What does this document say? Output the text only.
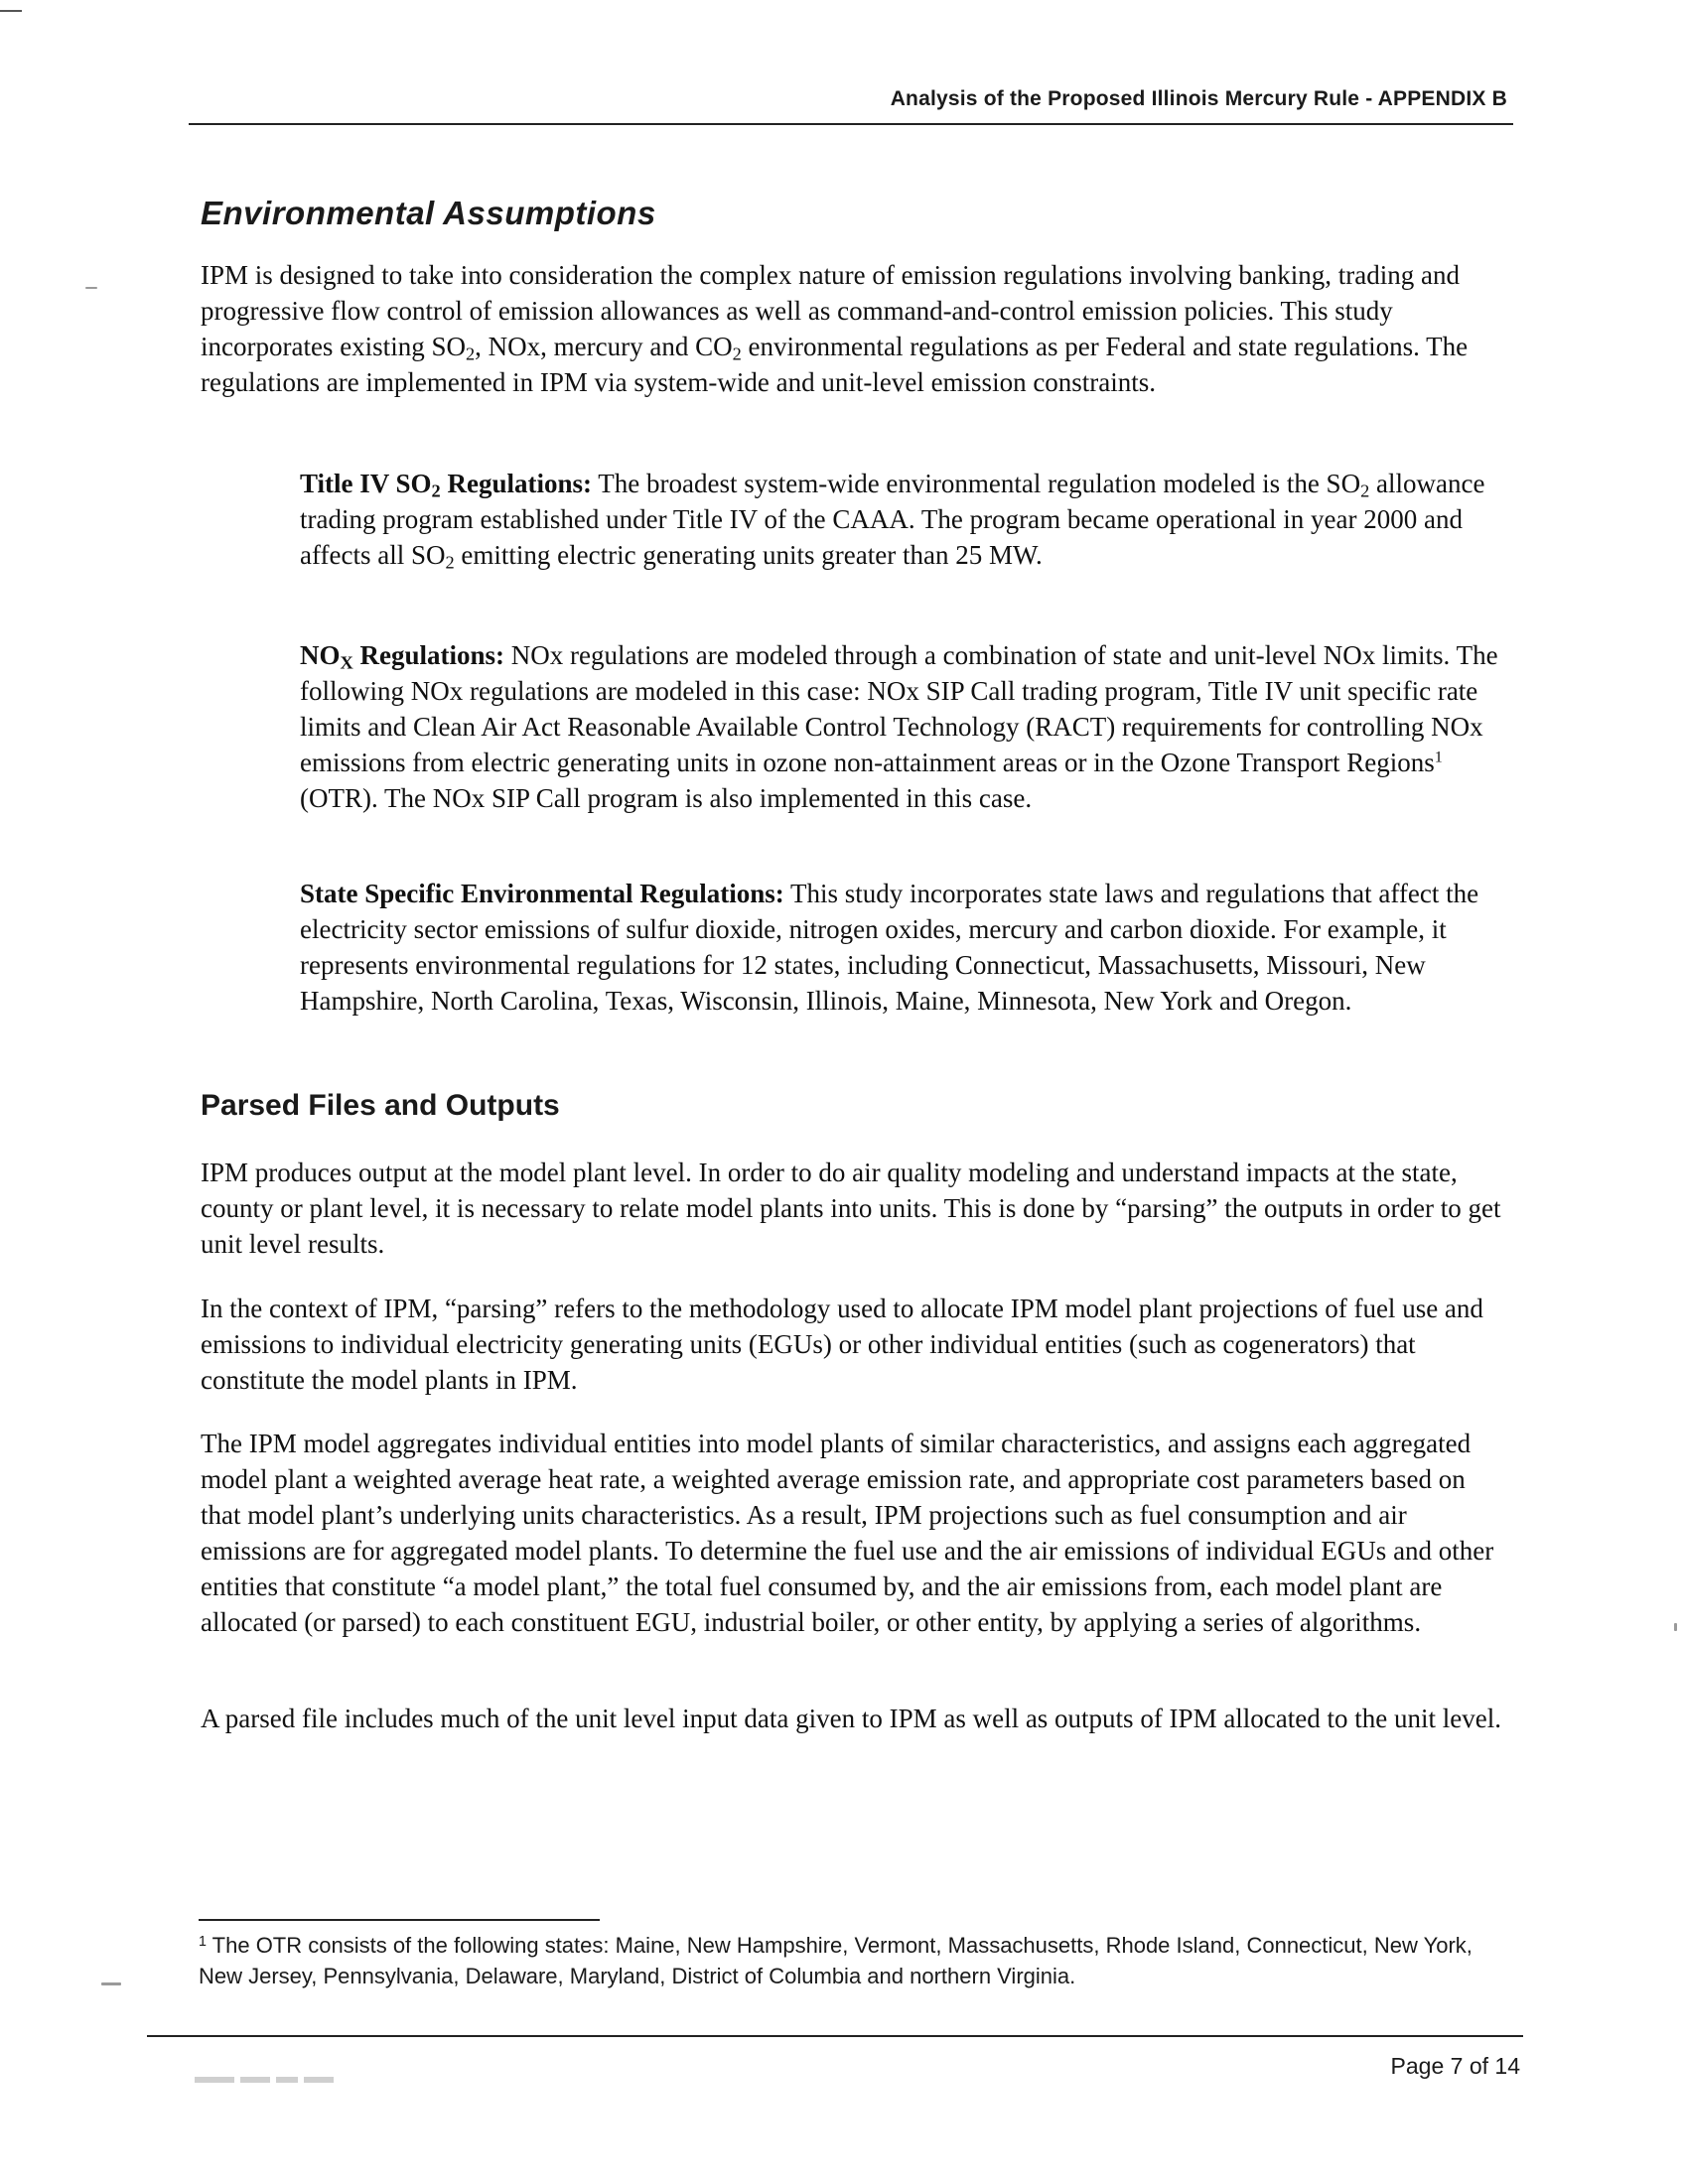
Analysis of the Proposed Illinois Mercury Rule - APPENDIX B
Environmental Assumptions

IPM is designed to take into consideration the complex nature of emission regulations involving banking, trading and progressive flow control of emission allowances as well as command-and-control emission policies. This study incorporates existing $SO_2$, NOx, mercury and $CO_2$ environmental regulations as per Federal and state regulations. The regulations are implemented in IPM via system-wide and unit-level emission constraints.

Title IV $SO_2$ Regulations: The broadest system-wide environmental regulation modeled is the $SO_2$ allowance trading program established under Title IV of the CAAA. The program became operational in year 2000 and affects all $SO_2$ emitting electric generating units greater than 25 MW.

$NO_X$ Regulations: NOx regulations are modeled through a combination of state and unit-level NOx limits. The following NOx regulations are modeled in this case: NOx SIP Call trading program, Title IV unit specific rate limits and Clean Air Act Reasonable Available Control Technology (RACT) requirements for controlling NOx emissions from electric generating units in ozone non-attainment areas or in the Ozone Transport Regions$^1$ (OTR). The NOx SIP Call program is also implemented in this case.

State Specific Environmental Regulations: This study incorporates state laws and regulations that affect the electricity sector emissions of sulfur dioxide, nitrogen oxides, mercury and carbon dioxide. For example, it represents environmental regulations for 12 states, including Connecticut, Massachusetts, Missouri, New Hampshire, North Carolina, Texas, Wisconsin, Illinois, Maine, Minnesota, New York and Oregon.

Parsed Files and Outputs

IPM produces output at the model plant level. In order to do air quality modeling and understand impacts at the state, county or plant level, it is necessary to relate model plants into units. This is done by “parsing” the outputs in order to get unit level results.

In the context of IPM, “parsing” refers to the methodology used to allocate IPM model plant projections of fuel use and emissions to individual electricity generating units (EGUs) or other individual entities (such as cogenerators) that constitute the model plants in IPM.

The IPM model aggregates individual entities into model plants of similar characteristics, and assigns each aggregated model plant a weighted average heat rate, a weighted average emission rate, and appropriate cost parameters based on that model plant’s underlying units characteristics. As a result, IPM projections such as fuel consumption and air emissions are for aggregated model plants. To determine the fuel use and the air emissions of individual EGUs and other entities that constitute “a model plant,” the total fuel consumed by, and the air emissions from, each model plant are allocated (or parsed) to each constituent EGU, industrial boiler, or other entity, by applying a series of algorithms.

A parsed file includes much of the unit level input data given to IPM as well as outputs of IPM allocated to the unit level.

$^1$ The OTR consists of the following states: Maine, New Hampshire, Vermont, Massachusetts, Rhode Island, Connecticut, New York, New Jersey, Pennsylvania, Delaware, Maryland, District of Columbia and northern Virginia.

Page 7 of 14
